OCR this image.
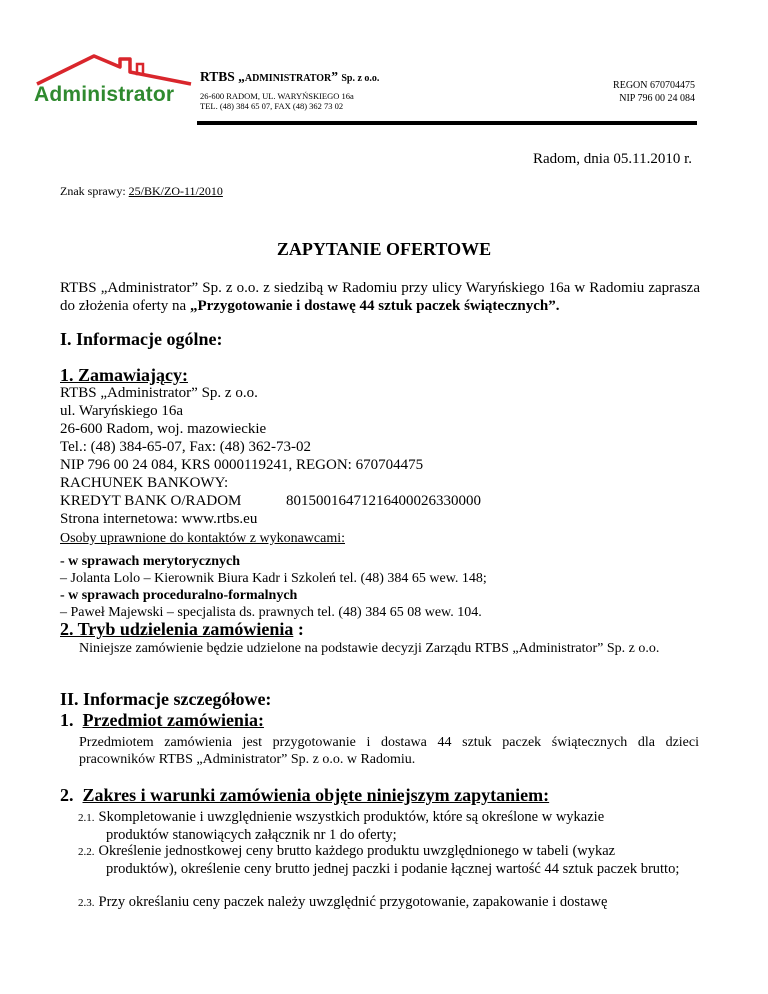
Administrator
RTBS „ADMINISTRATOR” Sp. z o.o.
26-600 RADOM, UL. WARYŃSKIEGO 16a
TEL. (48) 384 65 07, FAX (48) 362 73 02
REGON 670704475
NIP 796 00 24 084
Radom, dnia 05.11.2010 r.
Znak sprawy: 25/BK/ZO-11/2010
ZAPYTANIE OFERTOWE
RTBS „Administrator” Sp. z o.o. z siedzibą w Radomiu przy ulicy Waryńskiego 16a w Radomiu zaprasza do złożenia oferty na „Przygotowanie i dostawę 44 sztuk paczek świątecznych”.
I. Informacje ogólne:
1. Zamawiający:
RTBS „Administrator” Sp. z o.o.
ul. Waryńskiego 16a
26-600 Radom, woj. mazowieckie
Tel.: (48) 384-65-07, Fax: (48) 362-73-02
NIP 796 00 24 084, KRS 0000119241, REGON: 670704475
RACHUNEK BANKOWY:
KREDYT BANK O/RADOM	80150016471216400026330000
Strona internetowa: www.rtbs.eu
Osoby uprawnione do kontaktów z wykonawcami:
- w sprawach merytorycznych
– Jolanta Lolo – Kierownik Biura Kadr i Szkoleń tel. (48) 384 65 wew. 148;
- w sprawach proceduralno-formalnych
– Paweł Majewski – specjalista ds. prawnych tel. (48) 384 65 08 wew. 104.
2. Tryb udzielenia zamówienia :
Niniejsze zamówienie będzie udzielone na podstawie decyzji Zarządu RTBS „Administrator” Sp. z o.o.
II. Informacje szczegółowe:
1. Przedmiot zamówienia:
Przedmiotem zamówienia jest przygotowanie i dostawa 44 sztuk paczek świątecznych dla dzieci pracowników RTBS „Administrator” Sp. z o.o. w Radomiu.
2. Zakres i warunki zamówienia objęte niniejszym zapytaniem:
2.1. Skompletowanie i uwzględnienie wszystkich produktów, które są określone w wykazie
produktów stanowiących załącznik nr 1 do oferty;
2.2. Określenie jednostkowej ceny brutto każdego produktu uwzględnionego w tabeli (wykaz
produktów), określenie ceny brutto jednej paczki i podanie łącznej wartość 44 sztuk paczek brutto;
2.3. Przy określaniu ceny paczek należy uwzględnić przygotowanie, zapakowanie i dostawę
